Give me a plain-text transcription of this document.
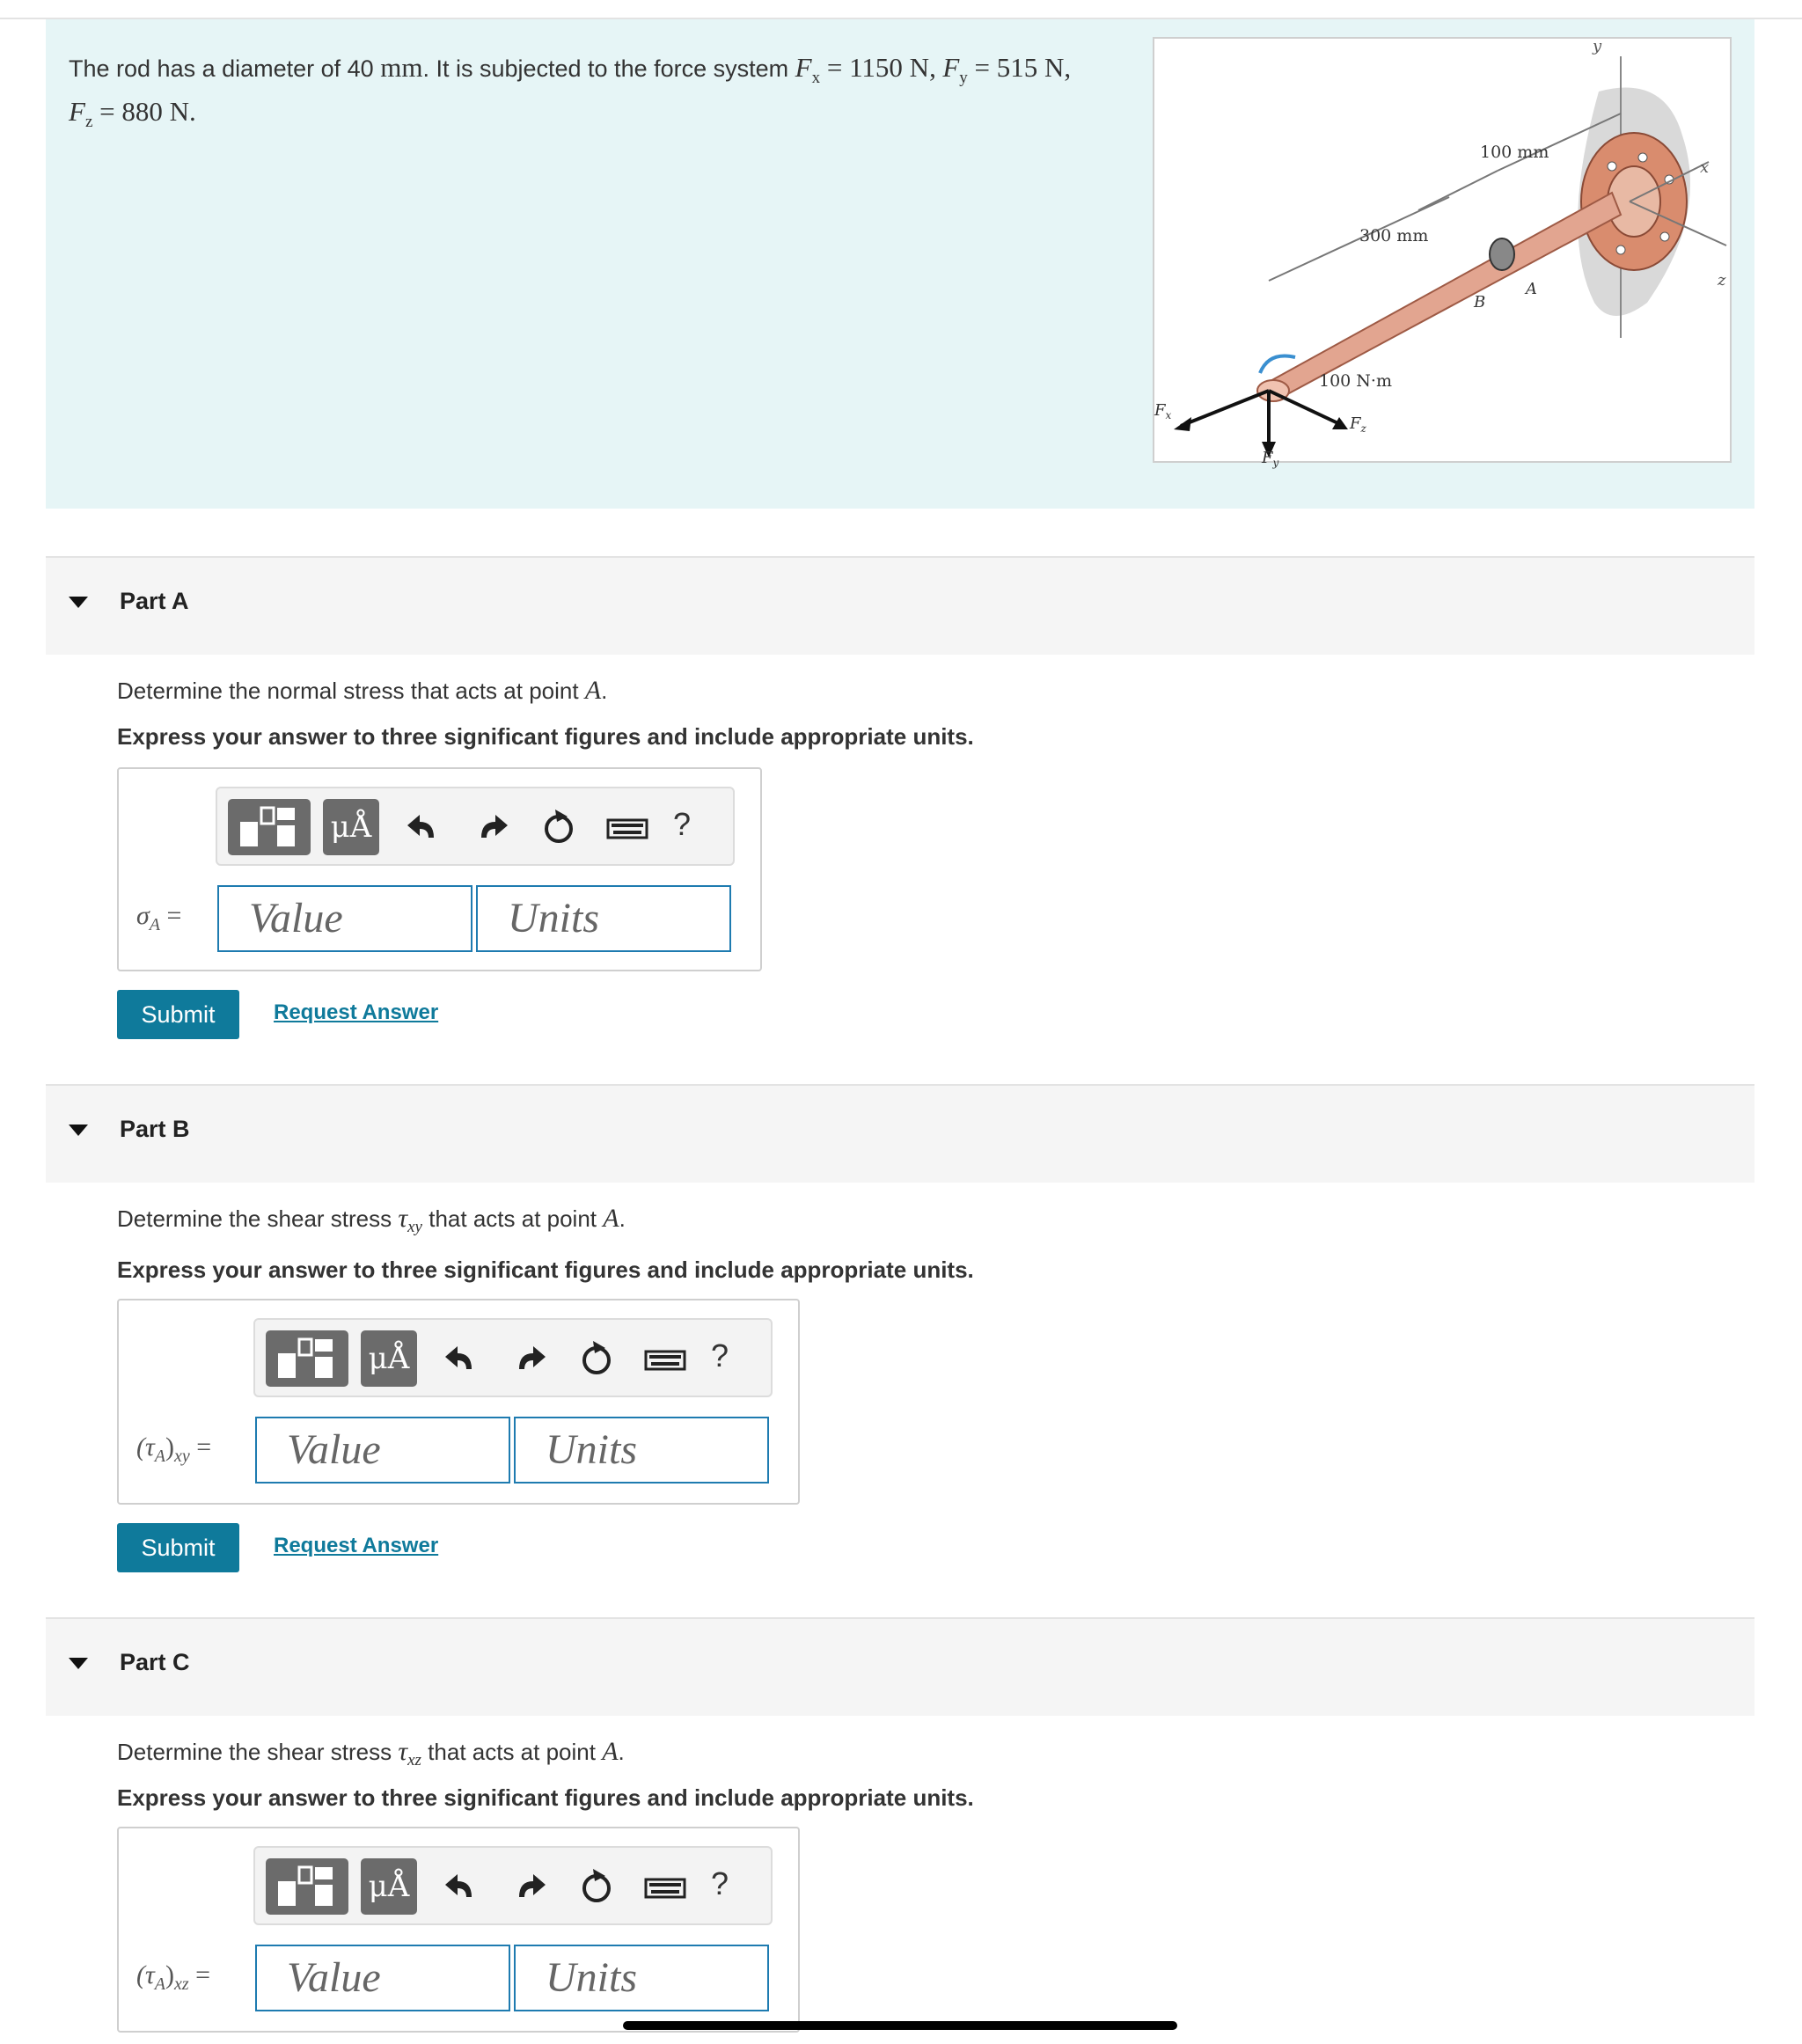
The rod has a diameter of 40 mm. It is subjected to the force system $F_x = 1150$ N, $F_y = 515$ N,
$F_z = 880$ N.
300 mm
100 mm
100 N·m
y
x
z
A
B
$F_x$
$F_y$
$F_z$
Part A
Determine the normal stress that acts at point A.
Express your answer to three significant figures and include appropriate units.
μÅ	?
$\sigma_A$ =	Value	Units
Submit	Request Answer
Part B
Determine the shear stress $\tau_{xy}$ that acts at point A.
Express your answer to three significant figures and include appropriate units.
μÅ	?
$(\tau_A)_{xy}$ =	Value	Units
Submit	Request Answer
Part C
Determine the shear stress $\tau_{xz}$ that acts at point A.
Express your answer to three significant figures and include appropriate units.
μÅ	?
$(\tau_A)_{xz}$ =	Value	Units
